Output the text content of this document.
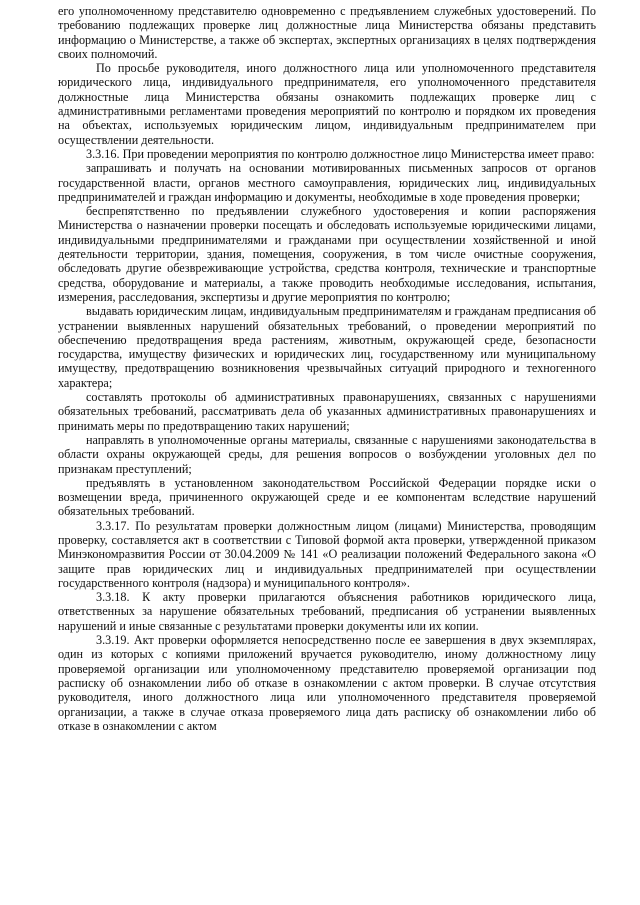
его уполномоченному представителю одновременно с предъявлением служебных удостоверений. По требованию подлежащих проверке лиц должностные лица Министерства обязаны представить информацию о Министерстве, а также об экспертах, экспертных организациях в целях подтверждения своих полномочий.

По просьбе руководителя, иного должностного лица или уполномоченного представителя юридического лица, индивидуального предпринимателя, его уполномоченного представителя должностные лица Министерства обязаны ознакомить подлежащих проверке лиц с административными регламентами проведения мероприятий по контролю и порядком их проведения на объектах, используемых юридическим лицом, индивидуальным предпринимателем при осуществлении деятельности.

3.3.16. При проведении мероприятия по контролю должностное лицо Министерства имеет право:

запрашивать и получать на основании мотивированных письменных запросов от органов государственной власти, органов местного самоуправления, юридических лиц, индивидуальных предпринимателей и граждан информацию и документы, необходимые в ходе проведения проверки;

беспрепятственно по предъявлении служебного удостоверения и копии распоряжения Министерства о назначении проверки посещать и обследовать используемые юридическими лицами, индивидуальными предпринимателями и гражданами при осуществлении хозяйственной и иной деятельности территории, здания, помещения, сооружения, в том числе очистные сооружения, обследовать другие обезвреживающие устройства, средства контроля, технические и транспортные средства, оборудование и материалы, а также проводить необходимые исследования, испытания, измерения, расследования, экспертизы и другие мероприятия по контролю;

выдавать юридическим лицам, индивидуальным предпринимателям и гражданам предписания об устранении выявленных нарушений обязательных требований, о проведении мероприятий по обеспечению предотвращения вреда растениям, животным, окружающей среде, безопасности государства, имуществу физических и юридических лиц, государственному или муниципальному имуществу, предотвращению возникновения чрезвычайных ситуаций природного и техногенного характера;

составлять протоколы об административных правонарушениях, связанных с нарушениями обязательных требований, рассматривать дела об указанных административных правонарушениях и принимать меры по предотвращению таких нарушений;

направлять в уполномоченные органы материалы, связанные с нарушениями законодательства в области охраны окружающей среды, для решения вопросов о возбуждении уголовных дел по признакам преступлений;

предъявлять в установленном законодательством Российской Федерации порядке иски о возмещении вреда, причиненного окружающей среде и ее компонентам вследствие нарушений обязательных требований.

3.3.17. По результатам проверки должностным лицом (лицами) Министерства, проводящим проверку, составляется акт в соответствии с Типовой формой акта проверки, утвержденной приказом Минэкономразвития России от 30.04.2009 № 141 «О реализации положений Федерального закона «О защите прав юридических лиц и индивидуальных предпринимателей при осуществлении государственного контроля (надзора) и муниципального контроля».

3.3.18. К акту проверки прилагаются объяснения работников юридического лица, ответственных за нарушение обязательных требований, предписания об устранении выявленных нарушений и иные связанные с результатами проверки документы или их копии.

3.3.19. Акт проверки оформляется непосредственно после ее завершения в двух экземплярах, один из которых с копиями приложений вручается руководителю, иному должностному лицу проверяемой организации или уполномоченному представителю проверяемой организации под расписку об ознакомлении либо об отказе в ознакомлении с актом проверки. В случае отсутствия руководителя, иного должностного лица или уполномоченного представителя проверяемой организации, а также в случае отказа проверяемого лица дать расписку об ознакомлении либо об отказе в ознакомлении с актом
